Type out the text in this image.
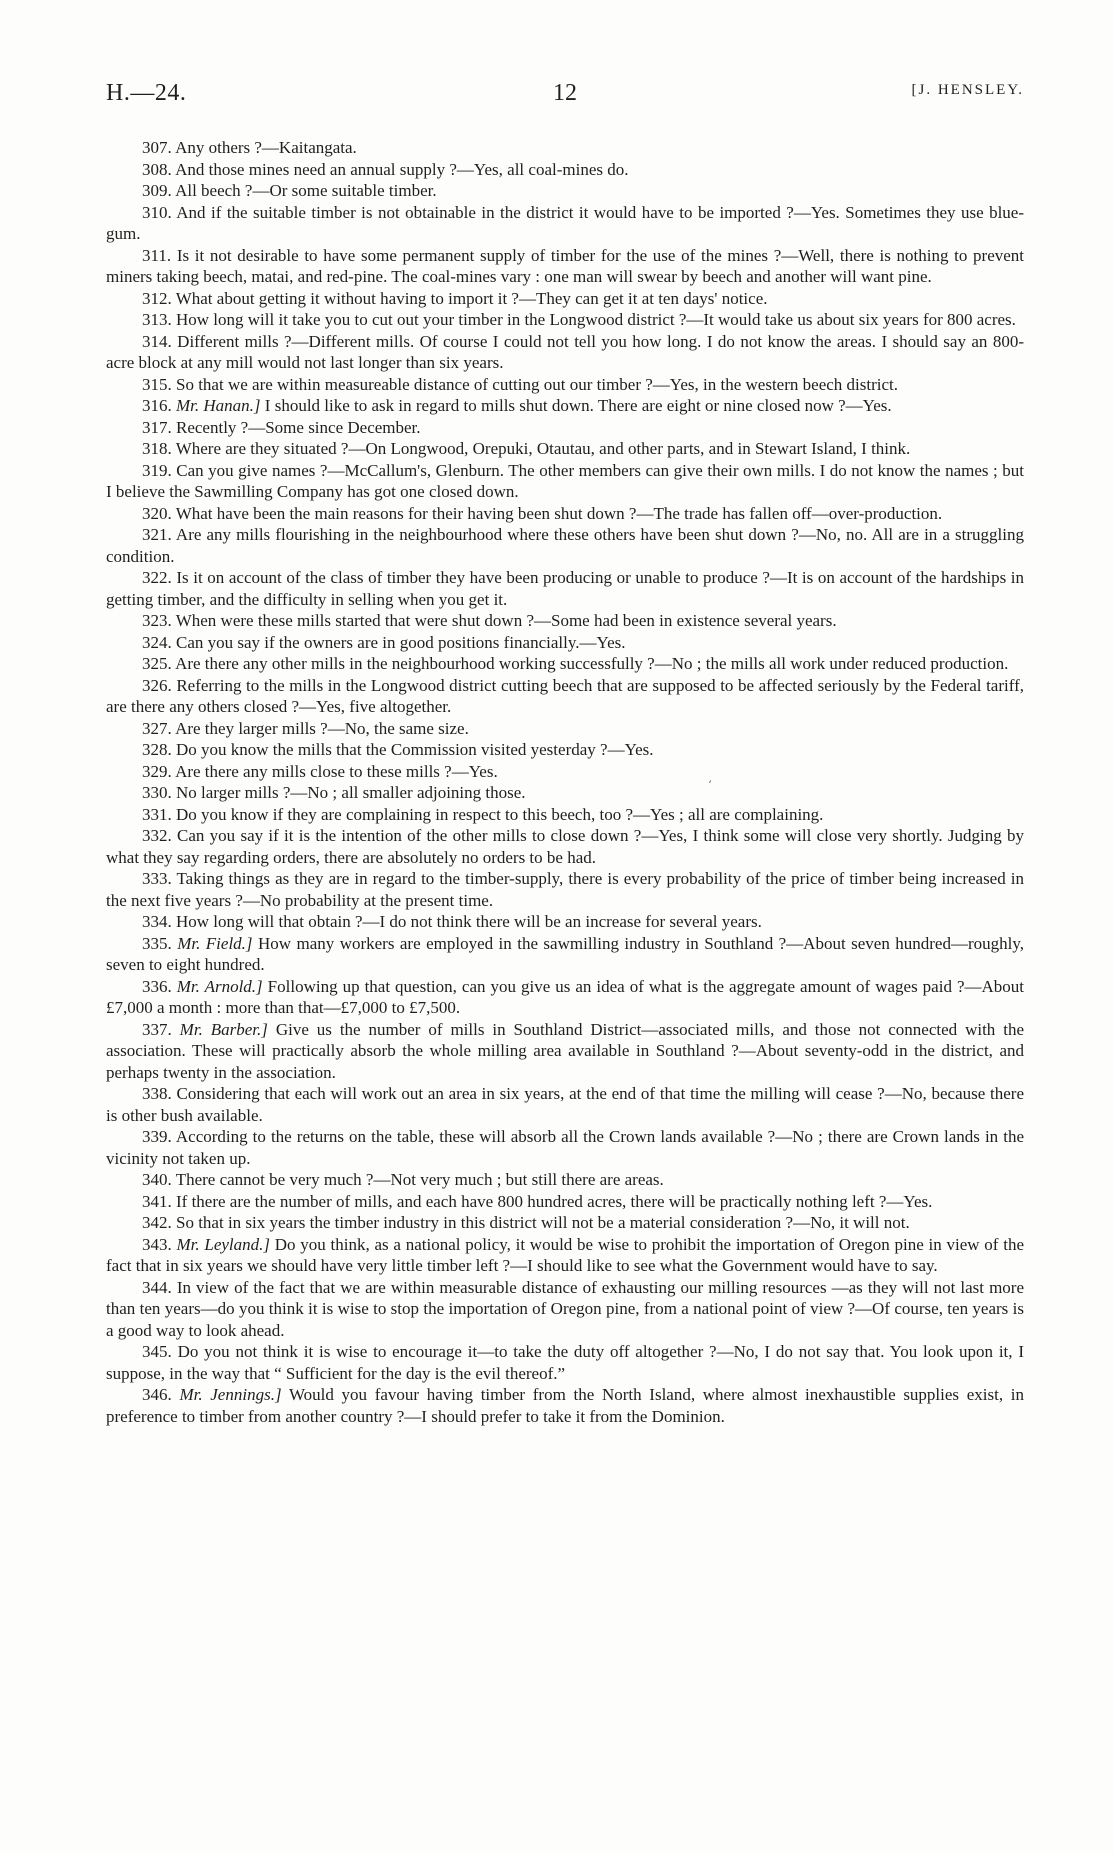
H.—24.	12	[J. HENSLEY.

307. Any others ?—Kaitangata.

308. And those mines need an annual supply ?—Yes, all coal-mines do.

309. All beech ?—Or some suitable timber.

310. And if the suitable timber is not obtainable in the district it would have to be imported ?—Yes. Sometimes they use blue-gum.

311. Is it not desirable to have some permanent supply of timber for the use of the mines ?—Well, there is nothing to prevent miners taking beech, matai, and red-pine. The coal-mines vary : one man will swear by beech and another will want pine.

312. What about getting it without having to import it ?—They can get it at ten days' notice.

313. How long will it take you to cut out your timber in the Longwood district ?—It would take us about six years for 800 acres.

314. Different mills ?—Different mills. Of course I could not tell you how long. I do not know the areas. I should say an 800-acre block at any mill would not last longer than six years.

315. So that we are within measureable distance of cutting out our timber ?—Yes, in the western beech district.

316. Mr. Hanan.] I should like to ask in regard to mills shut down. There are eight or nine closed now ?—Yes.

317. Recently ?—Some since December.

318. Where are they situated ?—On Longwood, Orepuki, Otautau, and other parts, and in Stewart Island, I think.

319. Can you give names ?—McCallum's, Glenburn. The other members can give their own mills. I do not know the names ; but I believe the Sawmilling Company has got one closed down.

320. What have been the main reasons for their having been shut down ?—The trade has fallen off—over-production.

321. Are any mills flourishing in the neighbourhood where these others have been shut down ?—No, no. All are in a struggling condition.

322. Is it on account of the class of timber they have been producing or unable to produce ?—It is on account of the hardships in getting timber, and the difficulty in selling when you get it.

323. When were these mills started that were shut down ?—Some had been in existence several years.

324. Can you say if the owners are in good positions financially.—Yes.

325. Are there any other mills in the neighbourhood working successfully ?—No ; the mills all work under reduced production.

326. Referring to the mills in the Longwood district cutting beech that are supposed to be affected seriously by the Federal tariff, are there any others closed ?—Yes, five altogether.

327. Are they larger mills ?—No, the same size.

328. Do you know the mills that the Commission visited yesterday ?—Yes.

329. Are there any mills close to these mills ?—Yes.

330. No larger mills ?—No ; all smaller adjoining those.

331. Do you know if they are complaining in respect to this beech, too ?—Yes ; all are complaining.

332. Can you say if it is the intention of the other mills to close down ?—Yes, I think some will close very shortly. Judging by what they say regarding orders, there are absolutely no orders to be had.

333. Taking things as they are in regard to the timber-supply, there is every probability of the price of timber being increased in the next five years ?—No probability at the present time.

334. How long will that obtain ?—I do not think there will be an increase for several years.

335. Mr. Field.] How many workers are employed in the sawmilling industry in Southland ?—About seven hundred—roughly, seven to eight hundred.

336. Mr. Arnold.] Following up that question, can you give us an idea of what is the aggregate amount of wages paid ?—About £7,000 a month : more than that—£7,000 to £7,500.

337. Mr. Barber.] Give us the number of mills in Southland District—associated mills, and those not connected with the association. These will practically absorb the whole milling area available in Southland ?—About seventy-odd in the district, and perhaps twenty in the association.

338. Considering that each will work out an area in six years, at the end of that time the milling will cease ?—No, because there is other bush available.

339. According to the returns on the table, these will absorb all the Crown lands available ?—No ; there are Crown lands in the vicinity not taken up.

340. There cannot be very much ?—Not very much ; but still there are areas.

341. If there are the number of mills, and each have 800 hundred acres, there will be practically nothing left ?—Yes.

342. So that in six years the timber industry in this district will not be a material consideration ?—No, it will not.

343. Mr. Leyland.] Do you think, as a national policy, it would be wise to prohibit the importation of Oregon pine in view of the fact that in six years we should have very little timber left ?—I should like to see what the Government would have to say.

344. In view of the fact that we are within measurable distance of exhausting our milling resources —as they will not last more than ten years—do you think it is wise to stop the importation of Oregon pine, from a national point of view ?—Of course, ten years is a good way to look ahead.

345. Do you not think it is wise to encourage it—to take the duty off altogether ?—No, I do not say that. You look upon it, I suppose, in the way that “ Sufficient for the day is the evil thereof.”

346. Mr. Jennings.] Would you favour having timber from the North Island, where almost inexhaustible supplies exist, in preference to timber from another country ?—I should prefer to take it from the Dominion.

‘
